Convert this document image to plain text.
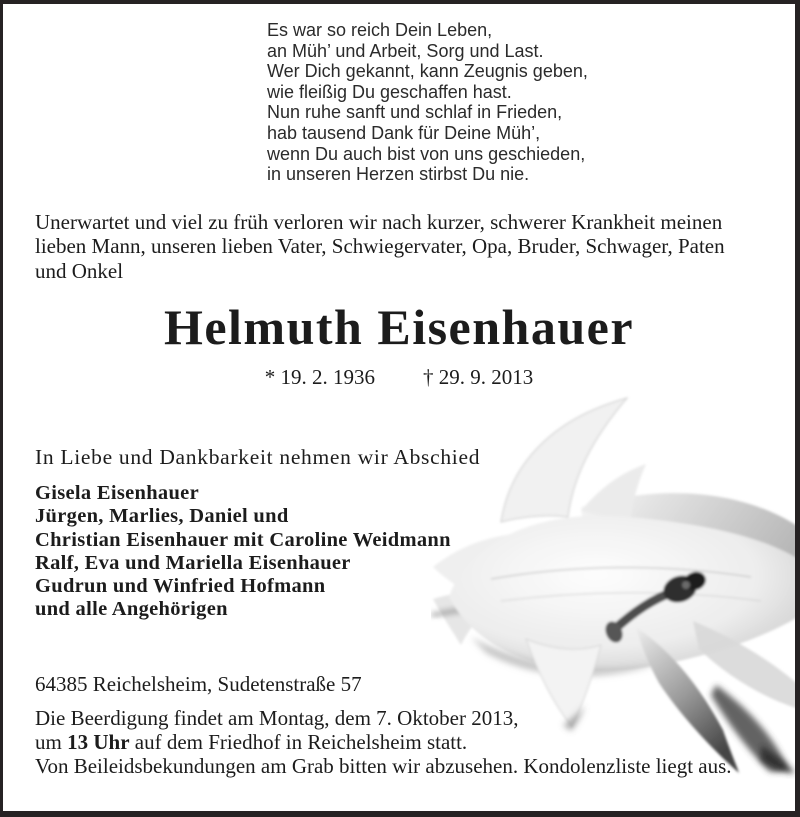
Es war so reich Dein Leben,
an Müh’ und Arbeit, Sorg und Last.
Wer Dich gekannt, kann Zeugnis geben,
wie fleißig Du geschaffen hast.
Nun ruhe sanft und schlaf in Frieden,
hab tausend Dank für Deine Müh’,
wenn Du auch bist von uns geschieden,
in unseren Herzen stirbst Du nie.
Unerwartet und viel zu früh verloren wir nach kurzer, schwerer Krankheit meinen
lieben Mann, unseren lieben Vater, Schwiegervater, Opa, Bruder, Schwager, Paten
und Onkel
Helmuth Eisenhauer
* 19. 2. 1936 † 29. 9. 2013
In Liebe und Dankbarkeit nehmen wir Abschied
Gisela Eisenhauer
Jürgen, Marlies, Daniel und
Christian Eisenhauer mit Caroline Weidmann
Ralf, Eva und Mariella Eisenhauer
Gudrun und Winfried Hofmann
und alle Angehörigen
64385 Reichelsheim, Sudetenstraße 57
Die Beerdigung findet am Montag, dem 7. Oktober 2013,
um 13 Uhr auf dem Friedhof in Reichelsheim statt.
Von Beileidsbekundungen am Grab bitten wir abzusehen. Kondolenzliste liegt aus.
